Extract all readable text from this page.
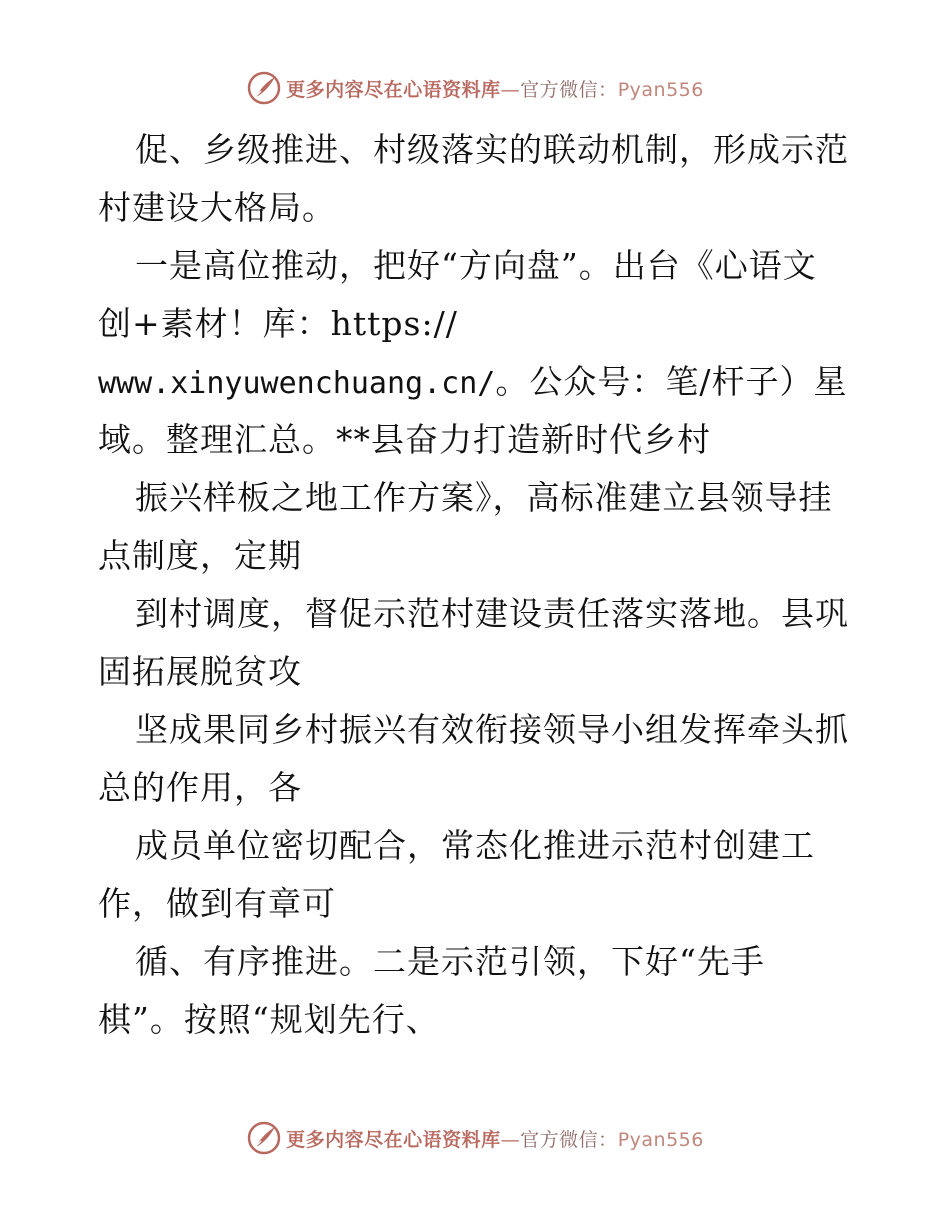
更多内容尽在心语资料库—官方微信：Pyan556
促、乡级推进、村级落实的联动机制，形成示范
村建设大格局。
一是高位推动，把好“方向盘”。出台《心语文
创+素材！库：https://
www.xinyuwenchuang.cn/。公众号：笔/杆子）星
域。整理汇总。**县奋力打造新时代乡村
振兴样板之地工作方案》，高标准建立县领导挂
点制度，定期
到村调度，督促示范村建设责任落实落地。县巩
固拓展脱贫攻
坚成果同乡村振兴有效衔接领导小组发挥牵头抓
总的作用，各
成员单位密切配合，常态化推进示范村创建工
作，做到有章可
循、有序推进。二是示范引领，下好“先手
棋”。按照“规划先行、
更多内容尽在心语资料库—官方微信：Pyan556
